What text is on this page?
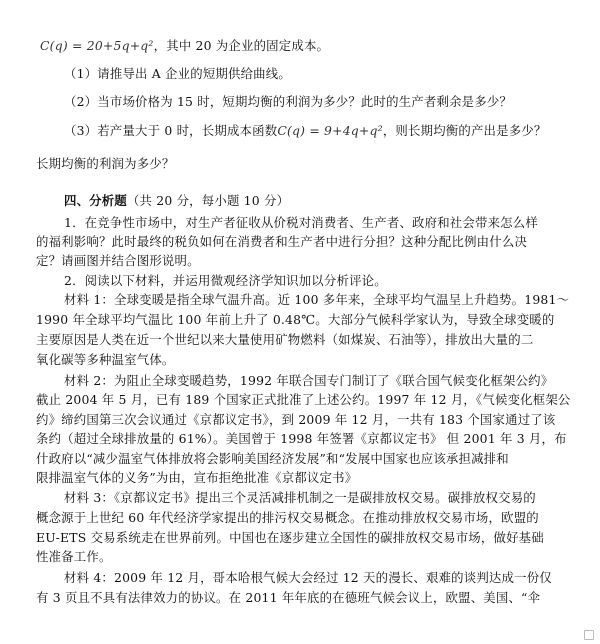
C(q) = 20+5q+q²，其中 20 为企业的固定成本。
（1）请推导出 A 企业的短期供给曲线。
（2）当市场价格为 15 时，短期均衡的利润为多少？此时的生产者剩余是多少？
（3）若产量大于 0 时，长期成本函数C(q) = 9+4q+q²，则长期均衡的产出是多少？
长期均衡的利润为多少？
四、分析题（共 20 分，每小题 10 分）
1．在竞争性市场中，对生产者征收从价税对消费者、生产者、政府和社会带来怎么样
的福利影响？此时最终的税负如何在消费者和生产者中进行分担？这种分配比例由什么决
定？请画图并结合图形说明。
2．阅读以下材料，并运用微观经济学知识加以分析评论。
材料 1：全球变暖是指全球气温升高。近 100 多年来，全球平均气温呈上升趋势。1981～
1990 年全球平均气温比 100 年前上升了 0.48℃。大部分气候科学家认为，导致全球变暖的
主要原因是人类在近一个世纪以来大量使用矿物燃料（如煤炭、石油等），排放出大量的二
氧化碳等多种温室气体。
材料 2：为阻止全球变暖趋势，1992 年联合国专门制订了《联合国气候变化框架公约》
截止 2004 年 5 月，已有 189 个国家正式批准了上述公约。1997 年 12 月，《气候变化框架公
约》缔约国第三次会议通过《京都议定书》，到 2009 年 12 月，一共有 183 个国家通过了该
条约（超过全球排放量的 61%）。美国曾于 1998 年签署《京都议定书》 但 2001 年 3 月，布
什政府以“减少温室气体排放将会影响美国经济发展”和“发展中国家也应该承担减排和
限排温室气体的义务”为由，宣布拒绝批准《京都议定书》
材料 3：《京都议定书》提出三个灵活减排机制之一是碳排放权交易。碳排放权交易的
概念源于上世纪 60 年代经济学家提出的排污权交易概念。在推动排放权交易市场，欧盟的
EU-ETS 交易系统走在世界前列。中国也在逐步建立全国性的碳排放权交易市场，做好基础
性准备工作。
材料 4：2009 年 12 月，哥本哈根气候大会经过 12 天的漫长、艰难的谈判达成一份仅
有 3 页且不具有法律效力的协议。在 2011 年年底的在德班气候会议上，欧盟、美国、“伞
